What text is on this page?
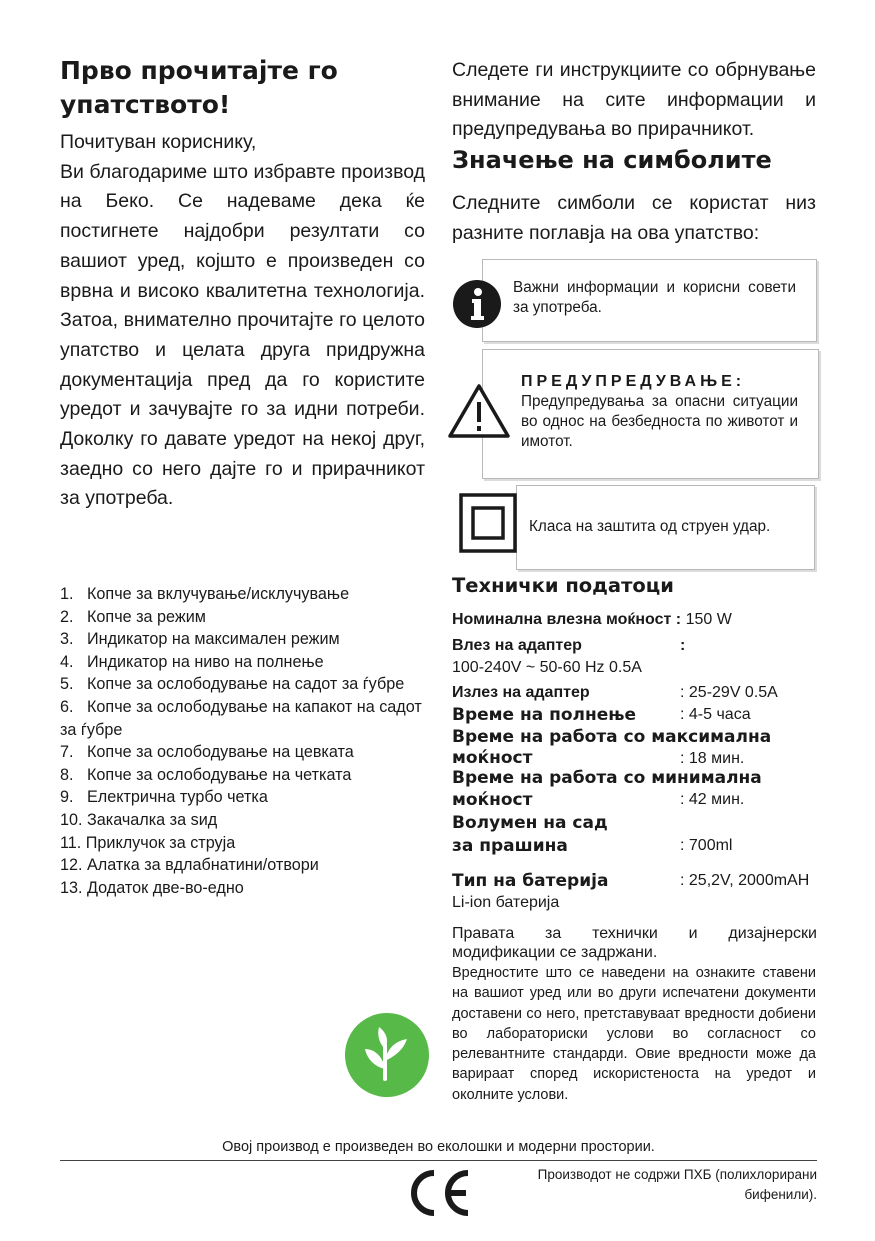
Прво прочитајте го упатството!

Почитуван кориснику,

Ви благодариме што избравте производ на Беко. Се надеваме дека ќе постигнете најдобри резултати со вашиот уред, којшто е произведен со врвна и високо квалитетна технологија. Затоа, внимателно прочитајте го целото упатство и целата друга придружна документација пред да го користите уредот и зачувајте го за идни потреби. Доколку го давате уредот на некој друг, заедно со него дајте го и прирачникот за употреба.

1.   Копче за вклучување/исклучување
2.   Копче за режим
3.   Индикатор на максимален режим
4.   Индикатор на ниво на полнење
5.   Копче за ослободување на садот за ѓубре
6.   Копче за ослободување на капакот на садот за ѓубре
7.   Копче за ослободување на цевката
8.   Копче за ослободување на четката
9.   Електрична турбо четка
10. Закачалка за ѕид
11. Приклучок за струја
12. Алатка за вдлабнатини/отвори
13. Додаток две-во-едно
Следете ги инструкциите со обрнување внимание на сите информации и предупредувања во прирачникот.
Значење на симболите
Следните симболи се користат низ разните поглавја на ова упатство:
Важни информации и корисни совети за употреба.
ПРЕДУПРЕДУВАЊЕ:
Предупредувања за опасни ситуации во однос на безбедноста по животот и имотот.
Класа на заштита од струен удар.
Технички податоци
Номинална влезна моќност : 150 W
Влез на адаптер	:
100-240V ~ 50-60 Hz 0.5A
Излез на адаптер	: 25-29V 0.5A
Време на полнење	: 4-5 часа
Време на работа со максимална
моќност	: 18 мин.
Време на работа со минимална
моќност	: 42 мин.
Волумен на сад
за прашина	: 700ml
Тип на батерија	: 25,2V, 2000mAH
Li-ion батерија
Правата за технички и дизајнерски модификации се задржани.
Вредностите што се наведени на ознаките ставени на вашиот уред или во други испечатени документи доставени со него, претставуваат вредности добиени во лабораториски услови во согласност со релевантните стандарди. Овие вредности може да варираат според искористеноста на уредот и околните услови.
Овој производ е произведен во еколошки и модерни простории.
Производот не содржи ПХБ (полихлорирани
бифенили).
